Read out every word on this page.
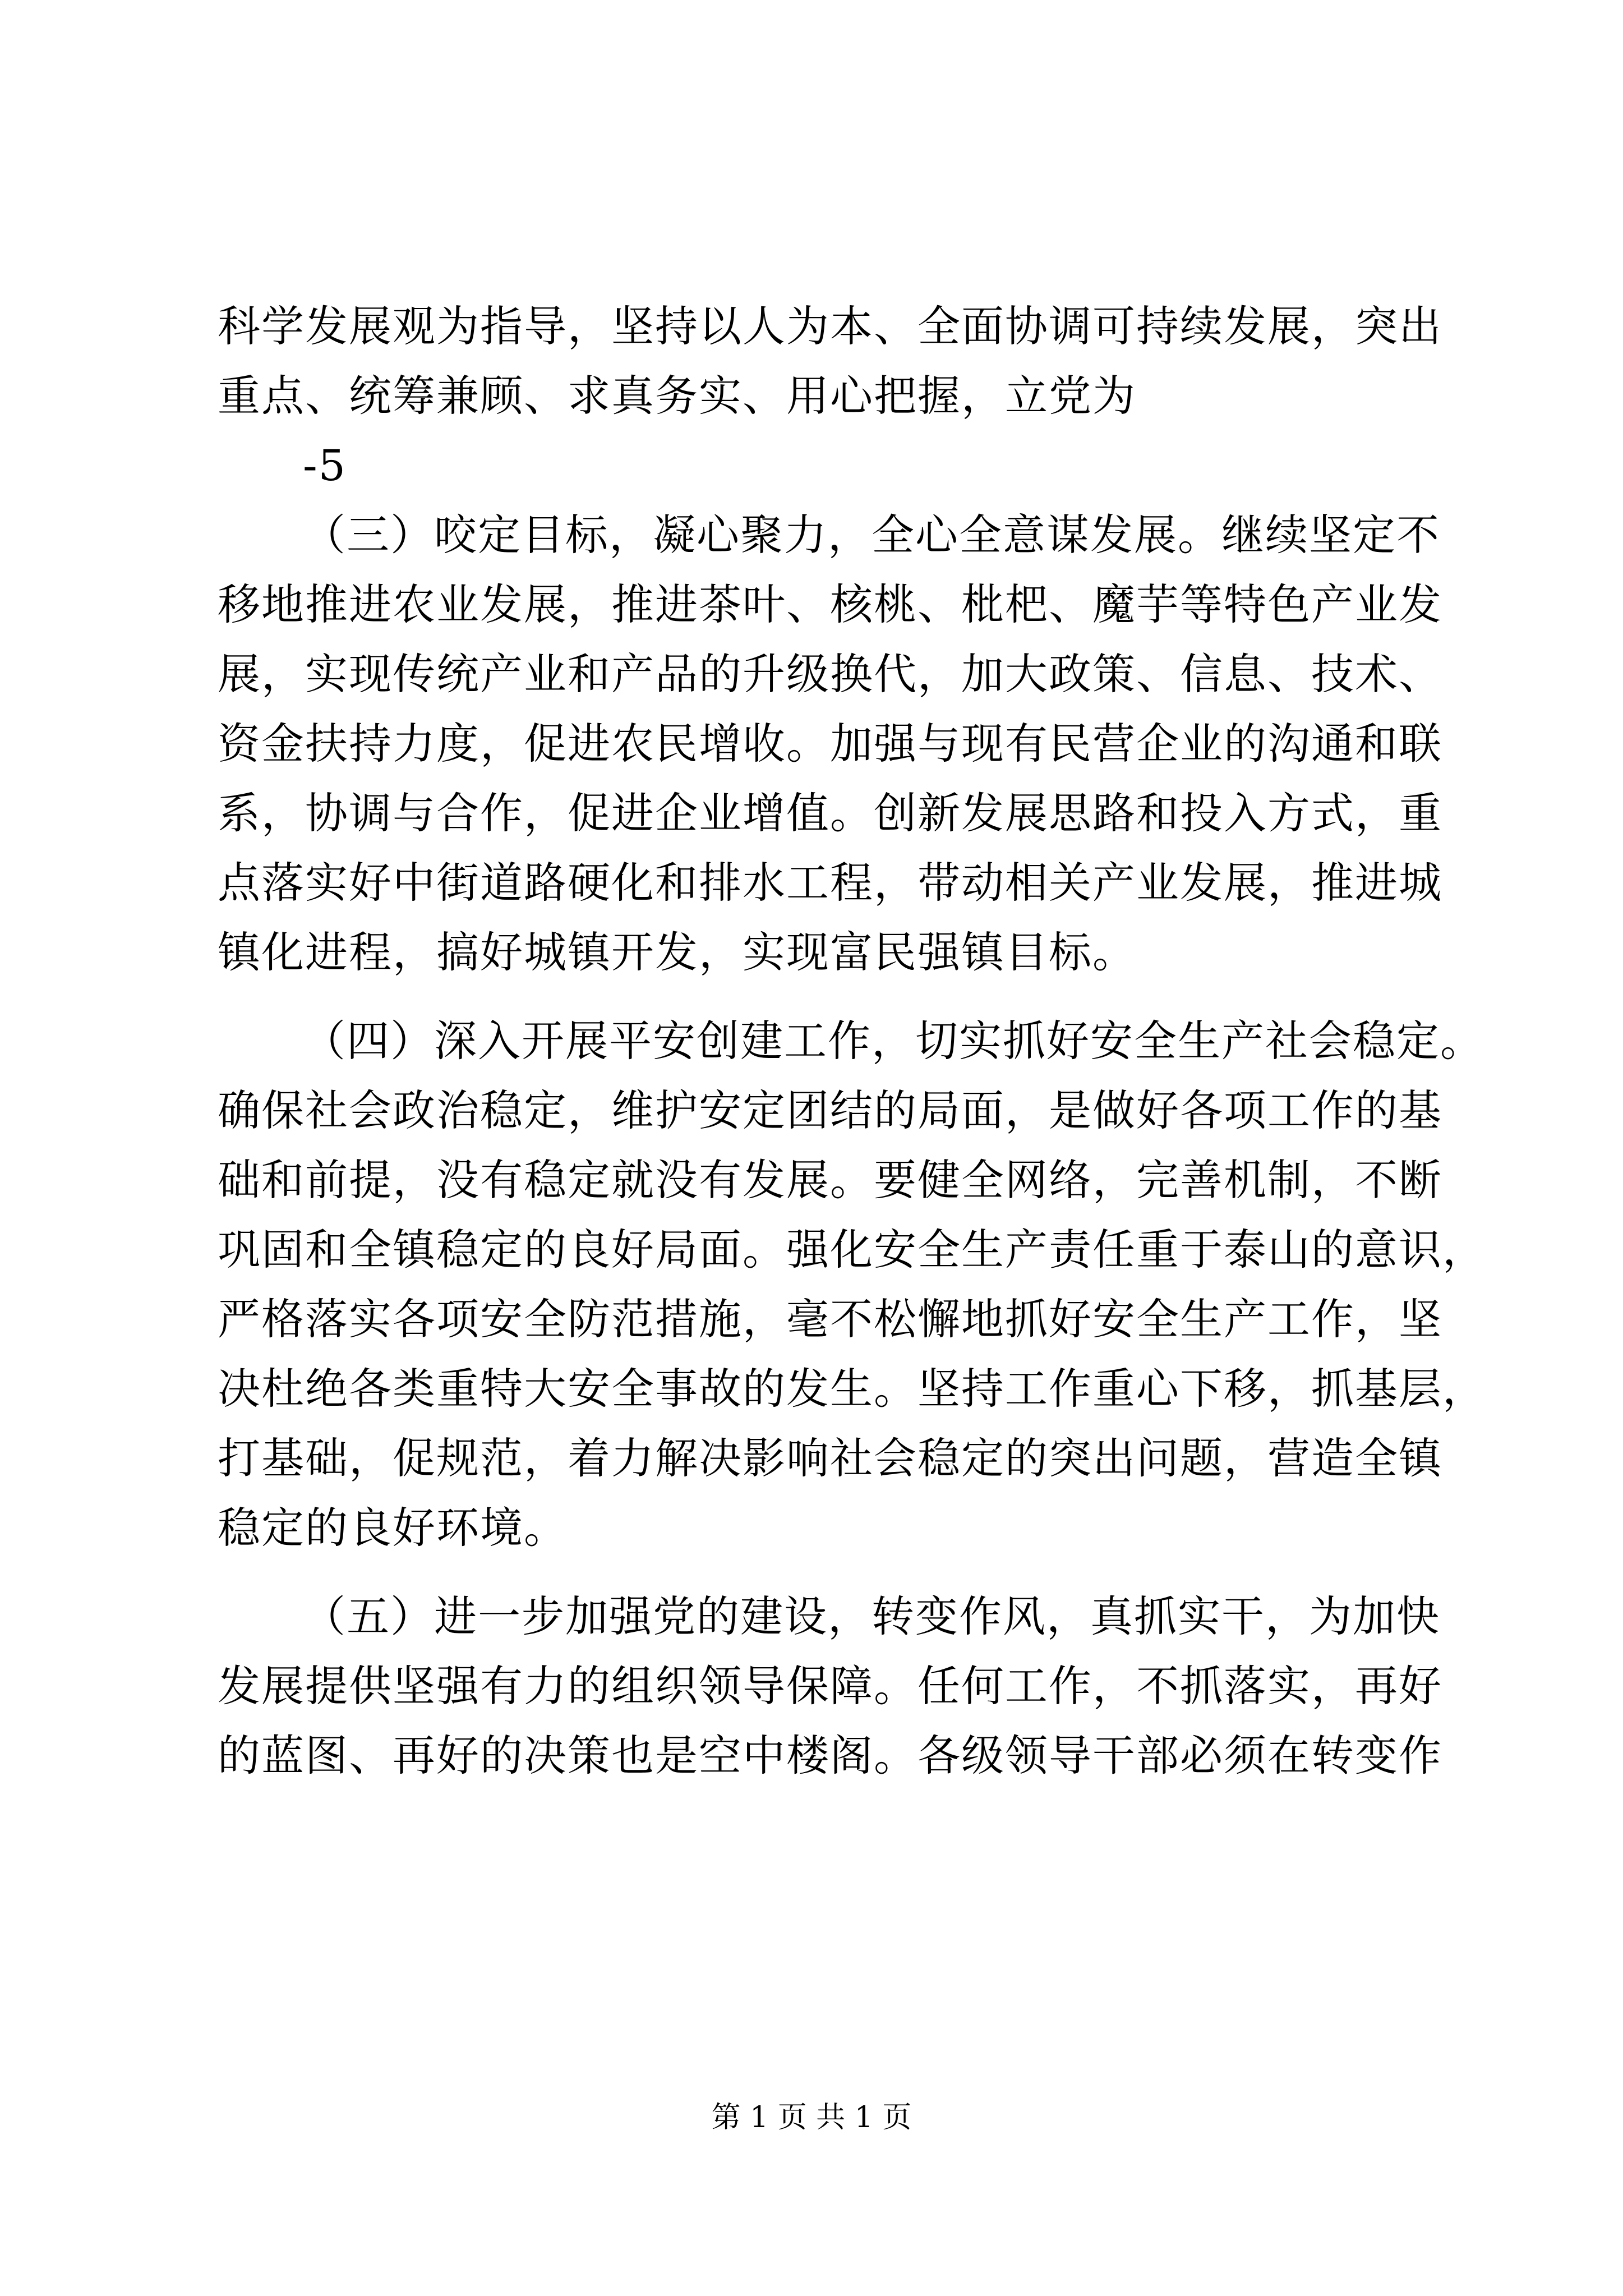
科学发展观为指导，坚持以人为本、全面协调可持续发展，突出
重点、统筹兼顾、求真务实、用心把握，立党为
-5
（三）咬定目标，凝心聚力，全心全意谋发展。继续坚定不
移地推进农业发展，推进茶叶、核桃、枇杷、魔芋等特色产业发
展，实现传统产业和产品的升级换代，加大政策、信息、技术、
资金扶持力度，促进农民增收。加强与现有民营企业的沟通和联
系，协调与合作，促进企业增值。创新发展思路和投入方式，重
点落实好中街道路硬化和排水工程，带动相关产业发展，推进城
镇化进程，搞好城镇开发，实现富民强镇目标。
（四）深入开展平安创建工作，切实抓好安全生产社会稳定。
确保社会政治稳定，维护安定团结的局面，是做好各项工作的基
础和前提，没有稳定就没有发展。要健全网络，完善机制，不断
巩固和全镇稳定的良好局面。强化安全生产责任重于泰山的意识，
严格落实各项安全防范措施，毫不松懈地抓好安全生产工作，坚
决杜绝各类重特大安全事故的发生。坚持工作重心下移，抓基层，
打基础，促规范，着力解决影响社会稳定的突出问题，营造全镇
稳定的良好环境。
（五）进一步加强党的建设，转变作风，真抓实干，为加快
发展提供坚强有力的组织领导保障。任何工作，不抓落实，再好
的蓝图、再好的决策也是空中楼阁。各级领导干部必须在转变作
第 1 页 共 1 页
